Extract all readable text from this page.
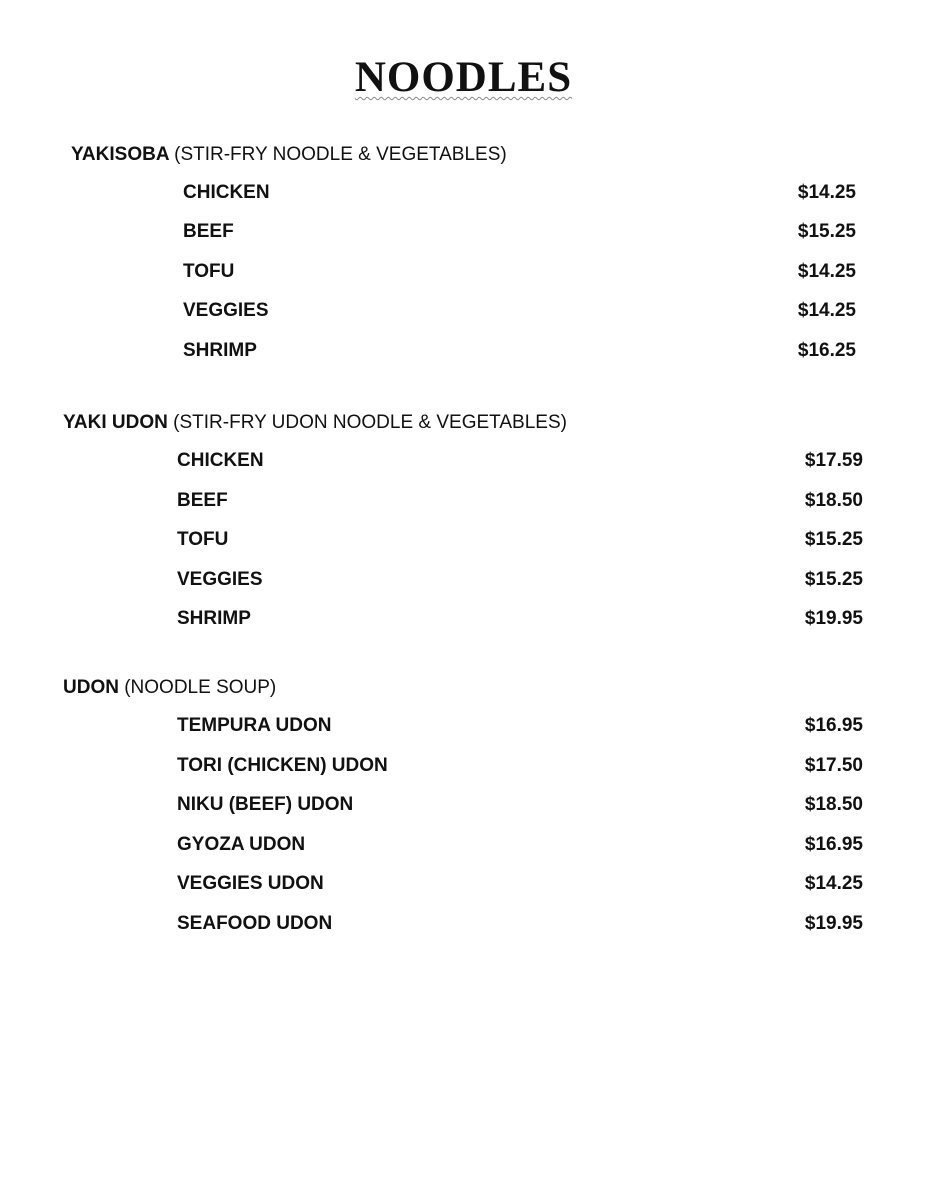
NOODLES
YAKISOBA (STIR-FRY NOODLE & VEGETABLES)
CHICKEN	$14.25
BEEF	$15.25
TOFU	$14.25
VEGGIES	$14.25
SHRIMP	$16.25
YAKI UDON (STIR-FRY UDON NOODLE & VEGETABLES)
CHICKEN	$17.59
BEEF	$18.50
TOFU	$15.25
VEGGIES	$15.25
SHRIMP	$19.95
UDON (NOODLE SOUP)
TEMPURA UDON	$16.95
TORI (CHICKEN) UDON	$17.50
NIKU (BEEF) UDON	$18.50
GYOZA UDON	$16.95
VEGGIES UDON	$14.25
SEAFOOD UDON	$19.95
